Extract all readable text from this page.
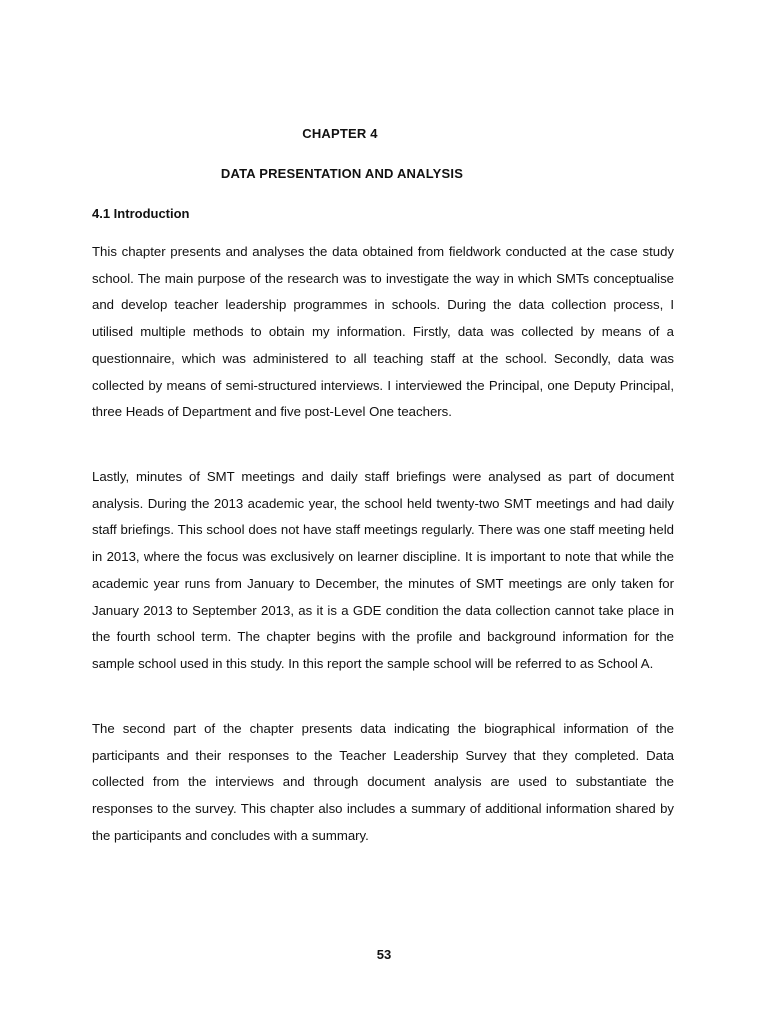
CHAPTER 4
DATA PRESENTATION AND ANALYSIS
4.1 Introduction

This chapter presents and analyses the data obtained from fieldwork conducted at the case study school. The main purpose of the research was to investigate the way in which SMTs conceptualise and develop teacher leadership programmes in schools. During the data collection process, I utilised multiple methods to obtain my information. Firstly, data was collected by means of a questionnaire, which was administered to all teaching staff at the school. Secondly, data was collected by means of semi-structured interviews. I interviewed the Principal, one Deputy Principal, three Heads of Department and five post-Level One teachers.

Lastly, minutes of SMT meetings and daily staff briefings were analysed as part of document analysis. During the 2013 academic year, the school held twenty-two SMT meetings and had daily staff briefings. This school does not have staff meetings regularly. There was one staff meeting held in 2013, where the focus was exclusively on learner discipline. It is important to note that while the academic year runs from January to December, the minutes of SMT meetings are only taken for January 2013 to September 2013, as it is a GDE condition the data collection cannot take place in the fourth school term. The chapter begins with the profile and background information for the sample school used in this study. In this report the sample school will be referred to as School A.

The second part of the chapter presents data indicating the biographical information of the participants and their responses to the Teacher Leadership Survey that they completed. Data collected from the interviews and through document analysis are used to substantiate the responses to the survey. This chapter also includes a summary of additional information shared by the participants and concludes with a summary.

53
